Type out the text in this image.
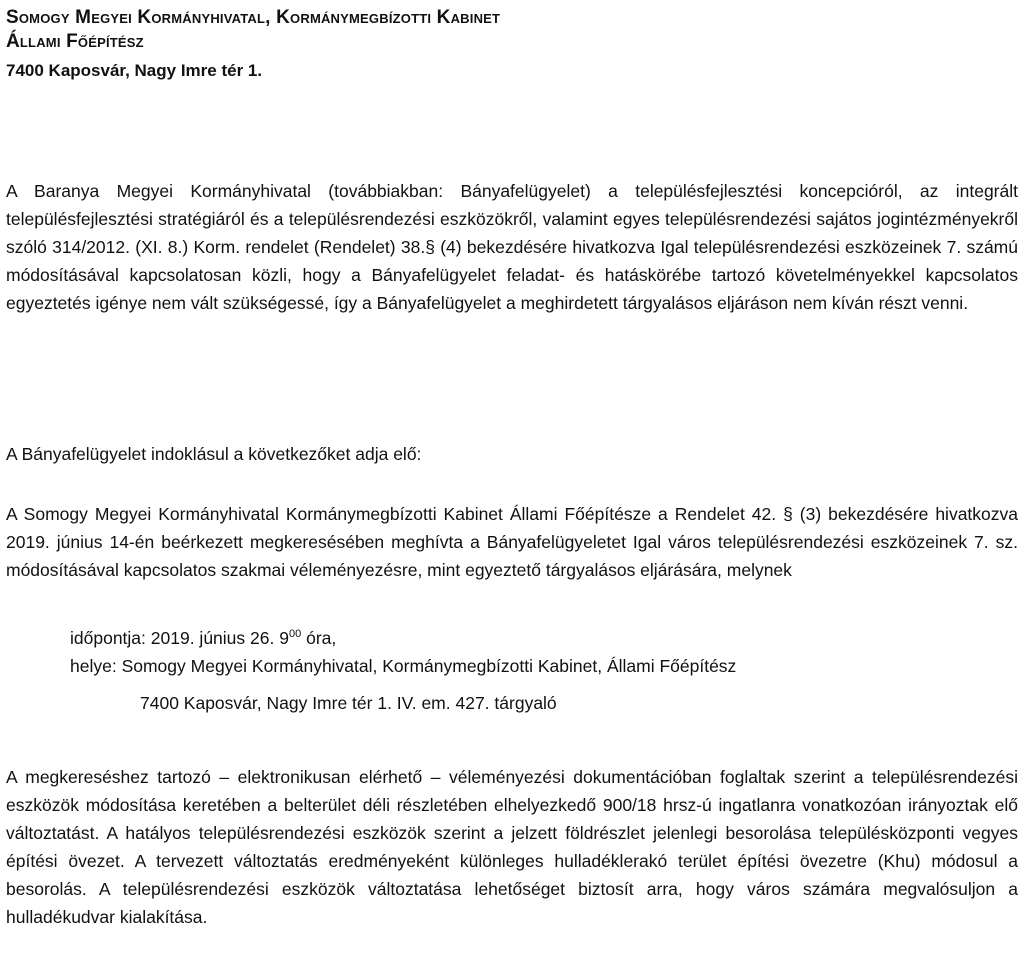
Somogy Megyei Kormányhivatal, Kormánymegbízotti Kabinet
Állami Főépítész
7400 Kaposvár, Nagy Imre tér 1.

A Baranya Megyei Kormányhivatal (továbbiakban: Bányafelügyelet) a településfejlesztési koncepcióról, az integrált településfejlesztési stratégiáról és a településrendezési eszközökről, valamint egyes településrendezési sajátos jogintézményekről szóló 314/2012. (XI. 8.) Korm. rendelet (Rendelet) 38.§ (4) bekezdésére hivatkozva Igal településrendezési eszközeinek 7. számú módosításával kapcsolatosan közli, hogy a Bányafelügyelet feladat- és hatáskörébe tartozó követelményekkel kapcsolatos egyeztetés igénye nem vált szükségessé, így a Bányafelügyelet a meghirdetett tárgyalásos eljáráson nem kíván részt venni.

A Bányafelügyelet indoklásul a következőket adja elő:

A Somogy Megyei Kormányhivatal Kormánymegbízotti Kabinet Állami Főépítésze a Rendelet 42. § (3) bekezdésére hivatkozva 2019. június 14-én beérkezett megkeresésében meghívta a Bányafelügyeletet Igal város településrendezési eszközeinek 7. sz. módosításával kapcsolatos szakmai véleményezésre, mint egyeztető tárgyalásos eljárására, melynek

időpontja: 2019. június 26. $9^{00}$ óra,
helye: Somogy Megyei Kormányhivatal, Kormánymegbízotti Kabinet, Állami Főépítész
7400 Kaposvár, Nagy Imre tér 1. IV. em. 427. tárgyaló

A megkereséshez tartozó – elektronikusan elérhető – véleményezési dokumentációban foglaltak szerint a településrendezési eszközök módosítása keretében a belterület déli részletében elhelyezkedő 900/18 hrsz-ú ingatlanra vonatkozóan irányoztak elő változtatást. A hatályos településrendezési eszközök szerint a jelzett földrészlet jelenlegi besorolása településközponti vegyes építési övezet. A tervezett változtatás eredményeként különleges hulladéklerakó terület építési övezetre (Khu) módosul a besorolás. A településrendezési eszközök változtatása lehetőséget biztosít arra, hogy város számára megvalósuljon a hulladékudvar kialakítása.
